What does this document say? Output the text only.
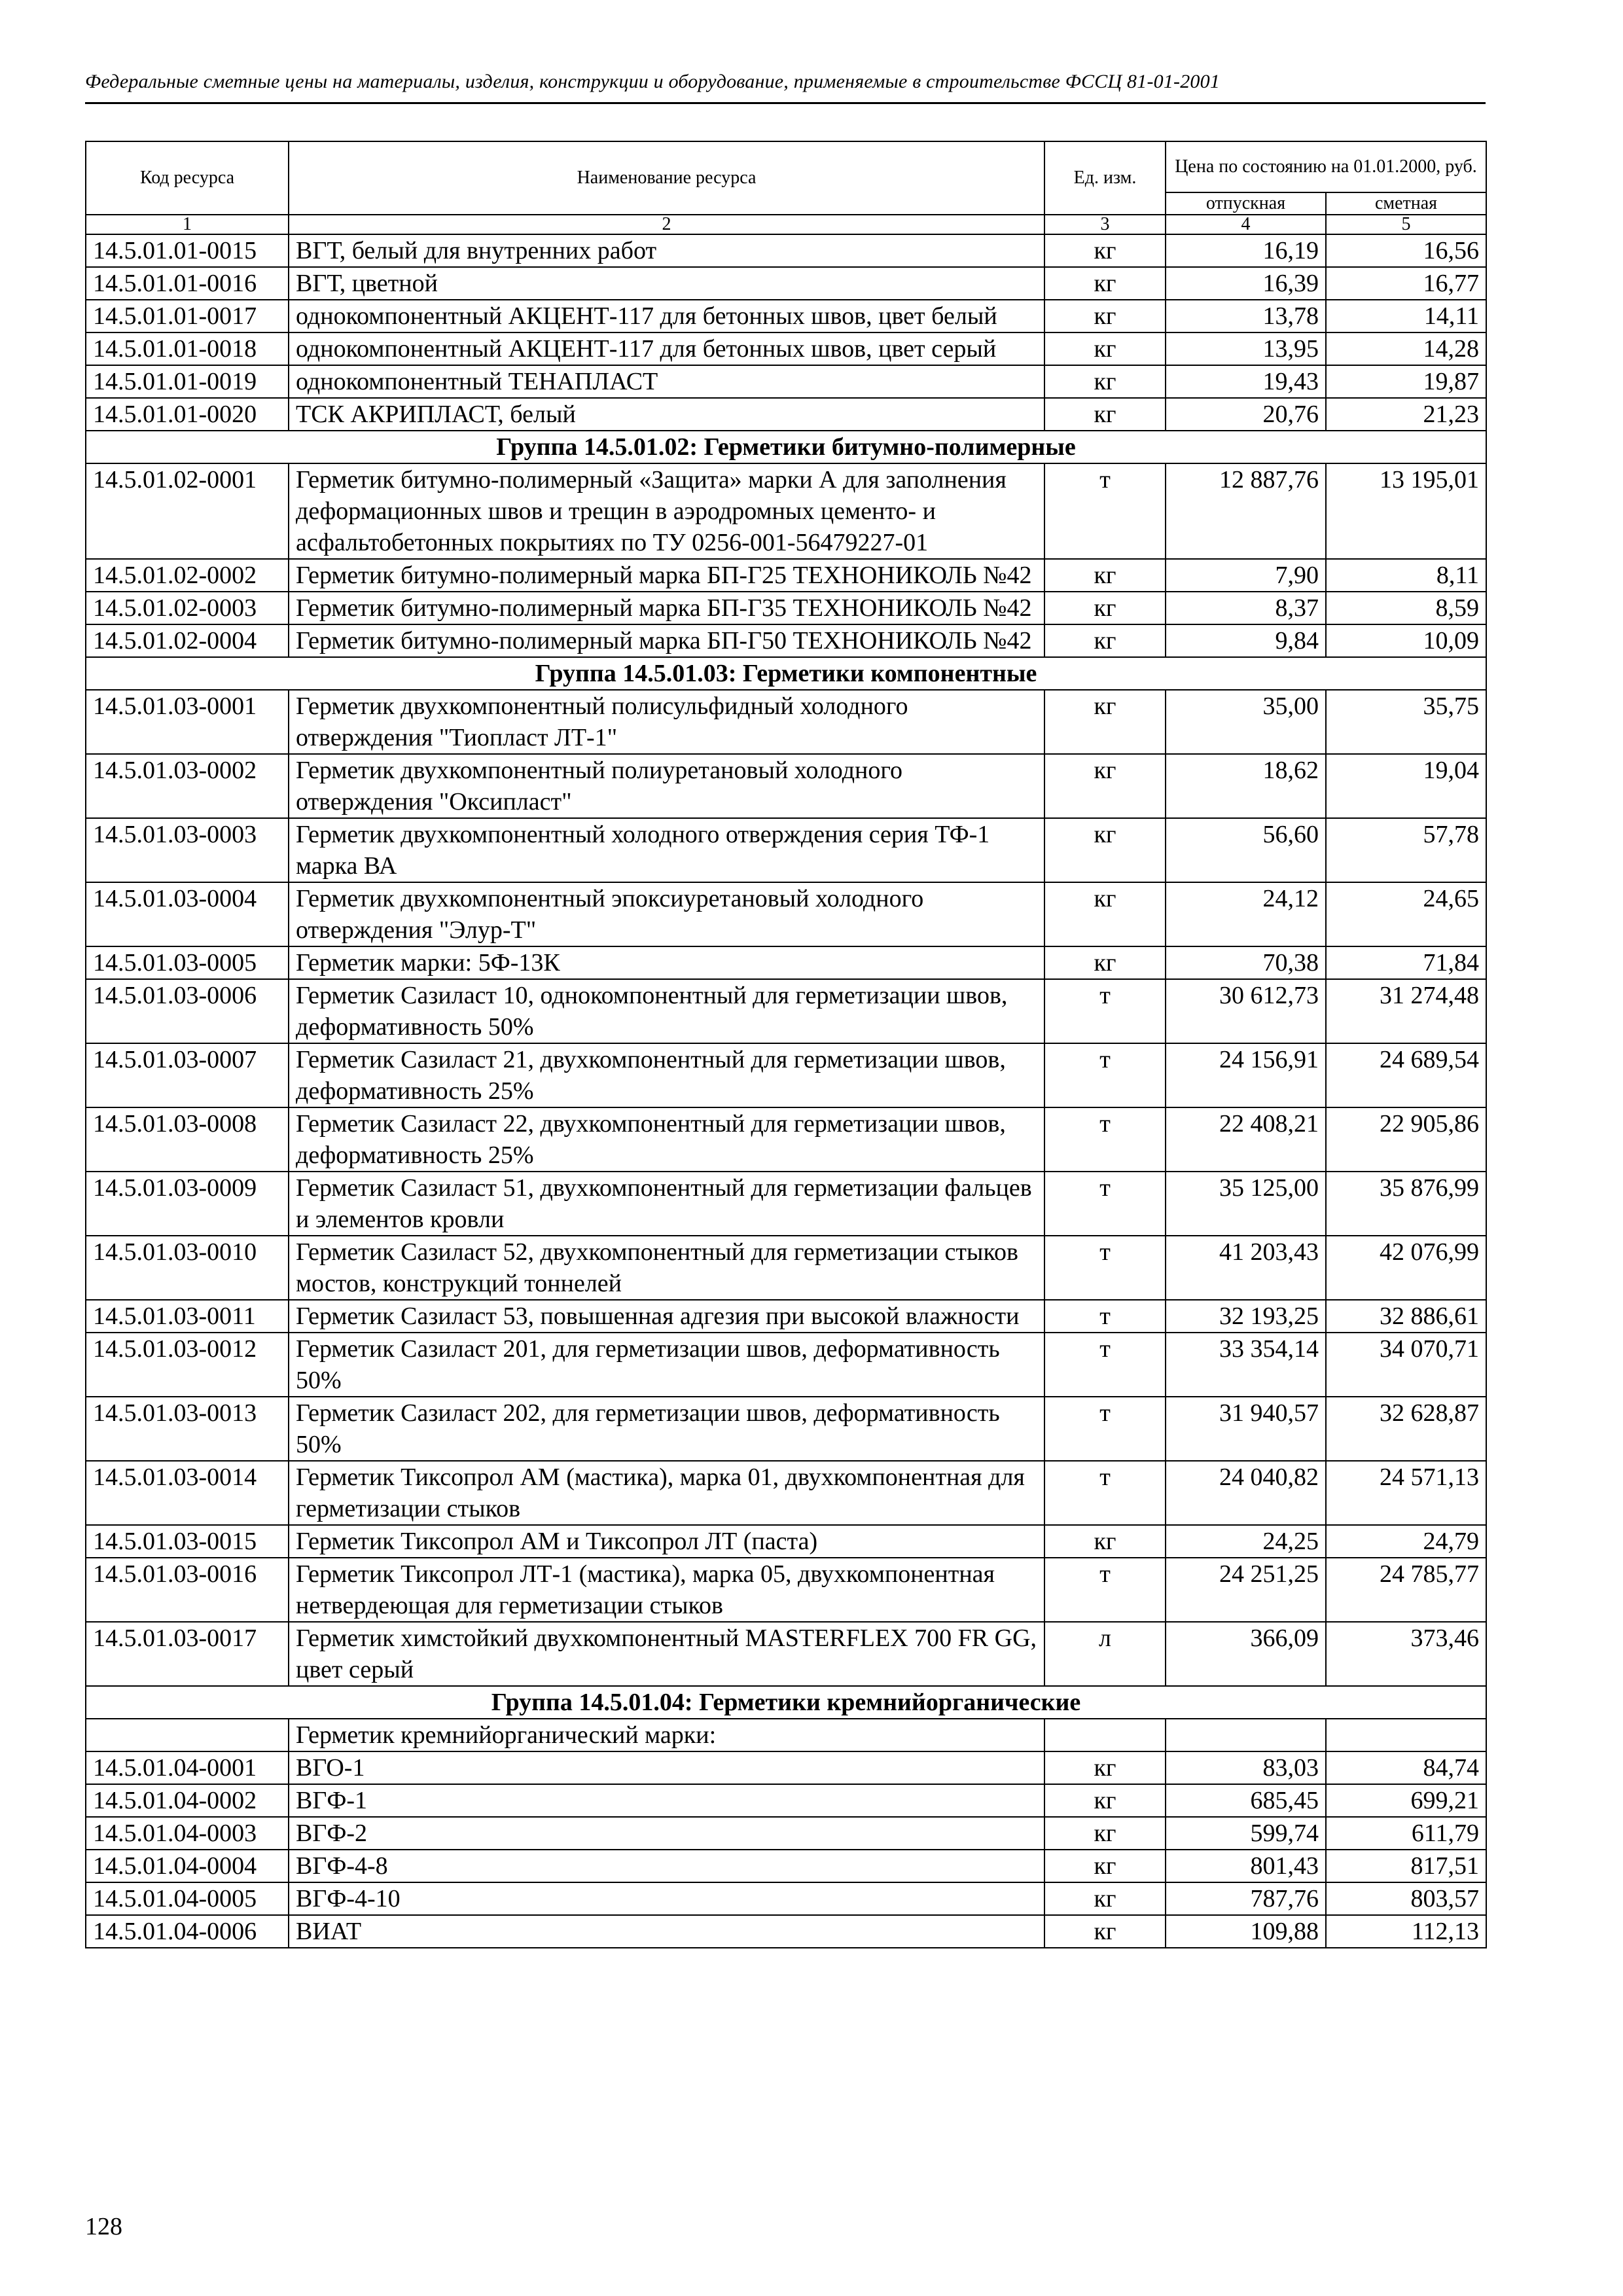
Федеральные сметные цены на материалы, изделия, конструкции и оборудование, применяемые в строительстве ФССЦ 81-01-2001
Код ресурса	Наименование ресурса	Ед. изм.	Цена по состоянию на 01.01.2000, руб.	
			отпускная	сметная
1	2	3	4	5
14.5.01.01-0015	ВГТ, белый для внутренних работ	кг	16,19	16,56
14.5.01.01-0016	ВГТ, цветной	кг	16,39	16,77
14.5.01.01-0017	однокомпонентный АКЦЕНТ-117 для бетонных швов, цвет белый	кг	13,78	14,11
14.5.01.01-0018	однокомпонентный АКЦЕНТ-117 для бетонных швов, цвет серый	кг	13,95	14,28
14.5.01.01-0019	однокомпонентный ТЕНАПЛАСТ	кг	19,43	19,87
14.5.01.01-0020	ТСК АКРИПЛАСТ, белый	кг	20,76	21,23
Группа 14.5.01.02: Герметики битумно-полимерные				
14.5.01.02-0001	Герметик битумно-полимерный «Защита» марки А для заполнения деформационных швов и трещин в аэродромных цементо- и асфальтобетонных покрытиях по ТУ 0256-001-56479227-01	т	12 887,76	13 195,01
14.5.01.02-0002	Герметик битумно-полимерный марка БП-Г25 ТЕХНОНИКОЛЬ №42	кг	7,90	8,11
14.5.01.02-0003	Герметик битумно-полимерный марка БП-Г35 ТЕХНОНИКОЛЬ №42	кг	8,37	8,59
14.5.01.02-0004	Герметик битумно-полимерный марка БП-Г50 ТЕХНОНИКОЛЬ №42	кг	9,84	10,09
Группа 14.5.01.03: Герметики компонентные				
14.5.01.03-0001	Герметик двухкомпонентный полисульфидный холодного отверждения "Тиопласт ЛТ-1"	кг	35,00	35,75
14.5.01.03-0002	Герметик двухкомпонентный полиуретановый холодного отверждения "Оксипласт"	кг	18,62	19,04
14.5.01.03-0003	Герметик двухкомпонентный холодного отверждения серия ТФ-1 марка ВА	кг	56,60	57,78
14.5.01.03-0004	Герметик двухкомпонентный эпоксиуретановый холодного отверждения "Элур-Т"	кг	24,12	24,65
14.5.01.03-0005	Герметик марки: 5Ф-13К	кг	70,38	71,84
14.5.01.03-0006	Герметик Сазиласт 10, однокомпонентный для герметизации швов, деформативность 50%	т	30 612,73	31 274,48
14.5.01.03-0007	Герметик Сазиласт 21, двухкомпонентный для герметизации швов, деформативность 25%	т	24 156,91	24 689,54
14.5.01.03-0008	Герметик Сазиласт 22, двухкомпонентный для герметизации швов, деформативность 25%	т	22 408,21	22 905,86
14.5.01.03-0009	Герметик Сазиласт 51, двухкомпонентный для герметизации фальцев и элементов кровли	т	35 125,00	35 876,99
14.5.01.03-0010	Герметик Сазиласт 52, двухкомпонентный для герметизации стыков мостов, конструкций тоннелей	т	41 203,43	42 076,99
14.5.01.03-0011	Герметик Сазиласт 53, повышенная адгезия при высокой влажности	т	32 193,25	32 886,61
14.5.01.03-0012	Герметик Сазиласт 201, для герметизации швов, деформативность 50%	т	33 354,14	34 070,71
14.5.01.03-0013	Герметик Сазиласт 202, для герметизации швов, деформативность 50%	т	31 940,57	32 628,87
14.5.01.03-0014	Герметик Тиксопрол АМ (мастика), марка 01, двухкомпонентная для герметизации стыков	т	24 040,82	24 571,13
14.5.01.03-0015	Герметик Тиксопрол АМ и Тиксопрол ЛТ (паста)	кг	24,25	24,79
14.5.01.03-0016	Герметик Тиксопрол ЛТ-1 (мастика), марка 05, двухкомпонентная нетвердеющая для герметизации стыков	т	24 251,25	24 785,77
14.5.01.03-0017	Герметик химстойкий двухкомпонентный MASTERFLEX 700 FR GG, цвет серый	л	366,09	373,46
Группа 14.5.01.04: Герметики кремнийорганические				
	Герметик кремнийорганический марки:			
14.5.01.04-0001	ВГО-1	кг	83,03	84,74
14.5.01.04-0002	ВГФ-1	кг	685,45	699,21
14.5.01.04-0003	ВГФ-2	кг	599,74	611,79
14.5.01.04-0004	ВГФ-4-8	кг	801,43	817,51
14.5.01.04-0005	ВГФ-4-10	кг	787,76	803,57
14.5.01.04-0006	ВИАТ	кг	109,88	112,13
128
